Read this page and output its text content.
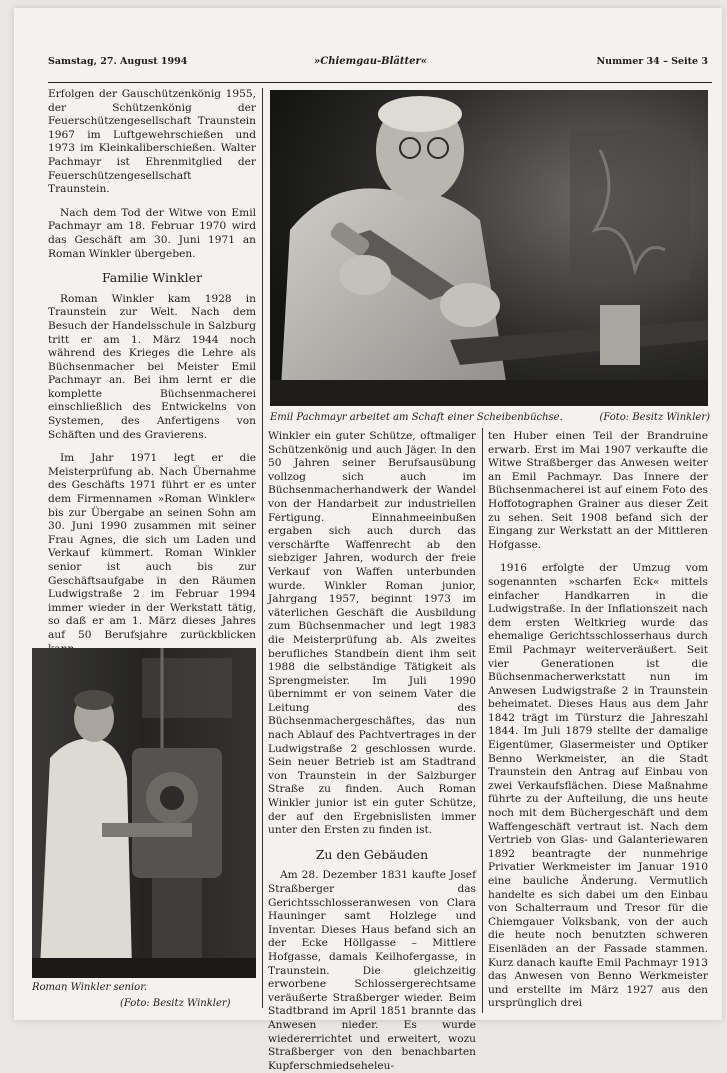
Samstag, 27. August 1994	»Chiemgau-Blätter«	Nummer 34 – Seite 3

Erfolgen der Gauschützenkönig 1955, der Schützenkönig der Feuerschützengesellschaft Traunstein 1967 im Luftgewehrschießen und 1973 im Kleinkaliberschießen. Walter Pachmayr ist Ehrenmitglied der Feuerschützengesellschaft Traunstein.

Nach dem Tod der Witwe von Emil Pachmayr am 18. Februar 1970 wird das Geschäft am 30. Juni 1971 an Roman Winkler übergeben.

Familie Winkler

Roman Winkler kam 1928 in Traunstein zur Welt. Nach dem Besuch der Handelsschule in Salzburg tritt er am 1. März 1944 noch während des Krieges die Lehre als Büchsenmacher bei Meister Emil Pachmayr an. Bei ihm lernt er die komplette Büchsenmacherei einschließlich des Entwickelns von Systemen, des Anfertigens von Schäften und des Gravierens.

Im Jahr 1971 legt er die Meisterprüfung ab. Nach Übernahme des Geschäfts 1971 führt er es unter dem Firmennamen »Roman Winkler« bis zur Übergabe an seinen Sohn am 30. Juni 1990 zusammen mit seiner Frau Agnes, die sich um Laden und Verkauf kümmert. Roman Winkler senior ist auch bis zur Geschäftsaufgabe in den Räumen Ludwigstraße 2 im Februar 1994 immer wieder in der Werkstatt tätig, so daß er am 1. März dieses Jahres auf 50 Berufsjahre zurückblicken

Emil Pachmayr arbeitet am Schaft einer Scheibenbüchse.	(Foto: Besitz Winkler)
Roman Winkler senior.
(Foto: Besitz Winkler)

Winkler ein guter Schütze, oftmaliger Schützenkönig und auch Jäger. In den 50 Jahren seiner Berufsausübung vollzog sich auch im Büchsenmacherhandwerk der Wandel von der Handarbeit zur industriellen Fertigung. Einnahmeeinbußen ergaben sich auch durch das verschärfte Waffenrecht ab den siebziger Jahren, wodurch der freie Verkauf von Waffen unterbunden wurde. Winkler Roman junior, Jahrgang 1957, beginnt 1973 im väterlichen Geschäft die Ausbildung zum Büchsenmacher und legt 1983 die Meisterprüfung ab. Als zweites berufliches Standbein dient ihm seit 1988 die selbständige Tätigkeit als Sprengmeister. Im Juli 1990 übernimmt er von seinem Vater die Leitung des Büchsenmachergeschäftes, das nun nach Ablauf des Pachtvertrages in der Ludwigstraße 2 geschlossen wurde. Sein neuer Betrieb ist am Stadtrand von Traunstein in der Salzburger Straße zu finden. Auch Roman Winkler junior ist ein guter Schütze, der auf den Ergebnislisten immer unter den Ersten zu finden ist.

Zu den Gebäuden

Am 28. Dezember 1831 kaufte Josef Straßberger das Gerichtsschlosseranwesen von Clara Hauninger samt Holzlege und Inventar. Dieses Haus befand sich an der Ecke Höllgasse – Mittlere Hofgasse, damals Keilhofergasse, in Traunstein. Die gleichzeitig erworbene Schlossergerechtsame veräußerte Straßberger wieder. Beim Stadtbrand im April 1851 brannte das Anwesen nieder. Es wurde wiedererrichtet und erweitert, wozu Straßberger von den benachbarten Kupferschmiedseheleu-

ten Huber einen Teil der Brandruine erwarb. Erst im Mai 1907 verkaufte die Witwe Straßberger das Anwesen weiter an Emil Pachmayr. Das Innere der Büchsenmacherei ist auf einem Foto des Hoffotographen Grainer aus dieser Zeit zu sehen. Seit 1908 befand sich der Eingang zur Werkstatt an der Mittleren Hofgasse.

1916 erfolgte der Umzug vom sogenannten »scharfen Eck« mittels einfacher Handkarren in die Ludwigstraße. In der Inflationszeit nach dem ersten Weltkrieg wurde das ehemalige Gerichtsschlosserhaus durch Emil Pachmayr weiterveräußert. Seit vier Generationen ist die Büchsenmacherwerkstatt nun im Anwesen Ludwigstraße 2 in Traunstein beheimatet. Dieses Haus aus dem Jahr 1842 trägt im Türsturz die Jahreszahl 1844. Im Juli 1879 stellte der damalige Eigentümer, Glasermeister und Optiker Benno Werkmeister, an die Stadt Traunstein den Antrag auf Einbau von zwei Verkaufsflächen. Diese Maßnahme führte zu der Aufteilung, die uns heute noch mit dem Büchergeschäft und dem Waffengeschäft vertraut ist. Nach dem Vertrieb von Glas- und Galanteriewaren 1892 beantragte der nunmehrige Privatier Werkmeister im Januar 1910 eine bauliche Änderung. Vermutlich handelte es sich dabei um den Einbau von Schalterraum und Tresor für die Chiemgauer Volksbank, von der auch die heute noch benutzten schweren Eisenläden an der Fassade stammen. Kurz danach kaufte Emil Pachmayr 1913 das Anwesen von Benno Werkmeister und erstellte im März 1927 aus den ursprünglich drei
